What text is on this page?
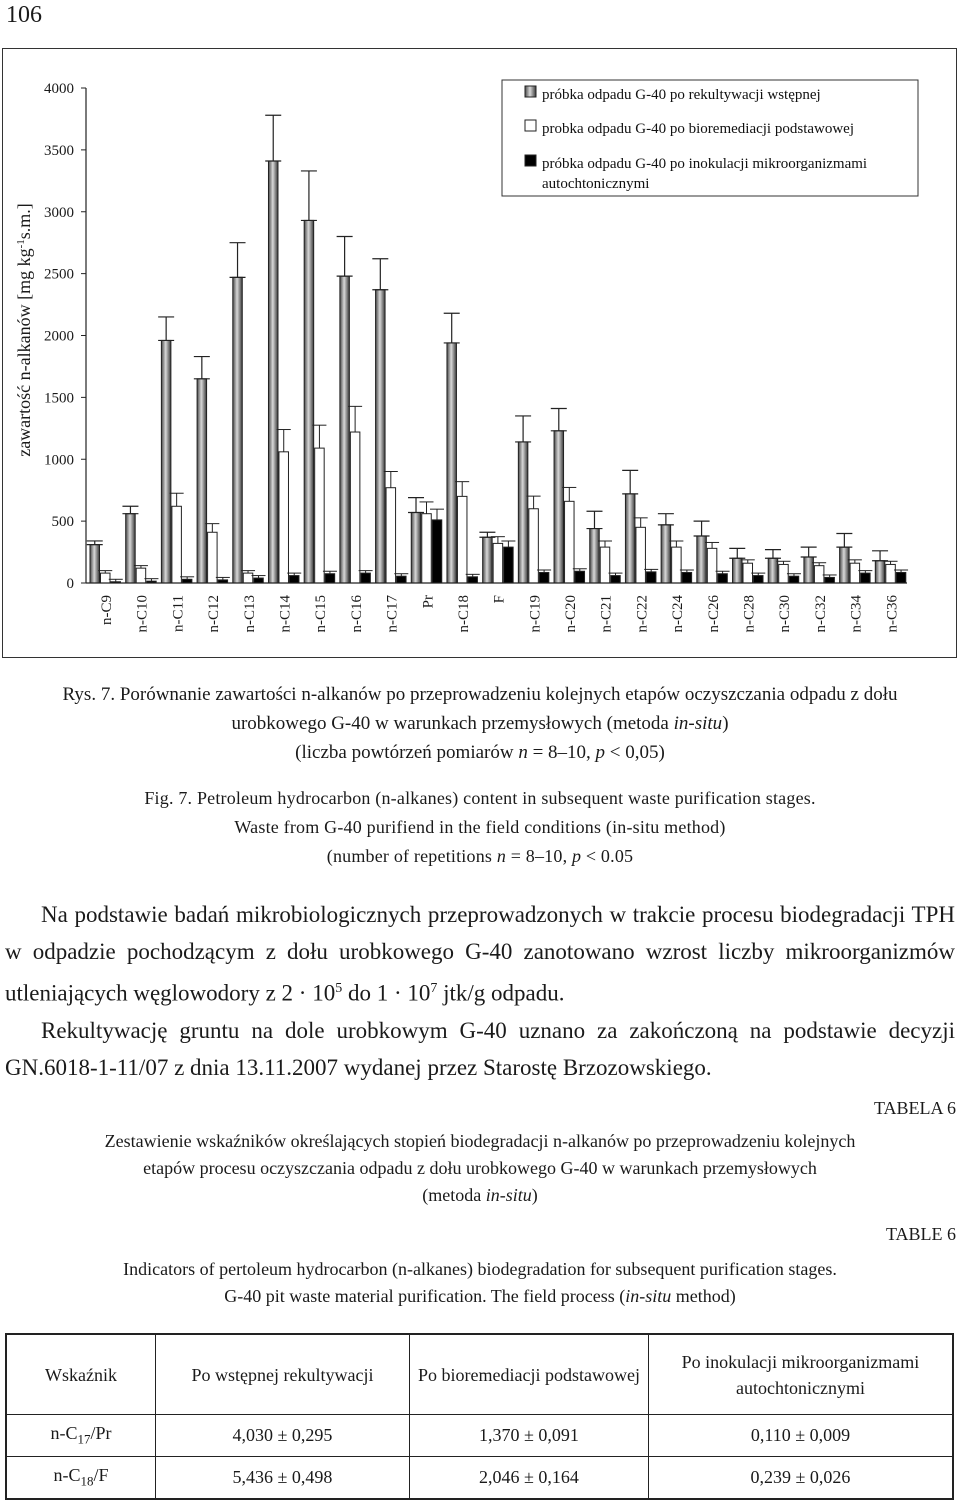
106
zawartość n-alkanów [mg $kg^{-1}s.m$.]
0
500
1000
1500
2000
2500
3000
3500
4000
n-C9 n-C10 n-C11 n-C12 n-C13 n-C14 n-C15 n-C16 n-C17 Pr n-C18 F n-C19 n-C20 n-C21 n-C22 n-C24 n-C26 n-C28 n-C30 n-C32 n-C34 n-C36
próbka odpadu G-40 po rekultywacji wstępnej
probka odpadu G-40 po bioremediacji podstawowej
próbka odpadu G-40 po inokulacji mikroorganizmami autochtonicznymi

Rys. 7. Porównanie zawartości n-alkanów po przeprowadzeniu kolejnych etapów oczyszczania odpadu z dołu

urobkowego G-40 w warunkach przemysłowych (metoda in-situ)

(liczba powtórzeń pomiarów n = 8–10, p < 0,05)

Fig. 7. Petroleum hydrocarbon (n-alkanes) content in subsequent waste purification stages.

Waste from G-40 purifiend in the field conditions (in-situ method)

(number of repetitions n = 8–10, p < 0.05

Na podstawie badań mikrobiologicznych przeprowadzonych w trakcie procesu biodegradacji TPH w odpadzie pochodzącym z dołu urobkowego G-40 zanotowano wzrost liczby mikroorganizmów utleniających węglowodory z $2 \cdot 10^5$ do $1 \cdot 10^7$ jtk/g odpadu.

Rekultywację gruntu na dole urobkowym G-40 uznano za zakończoną na podstawie decyzji GN.6018-1-11/07 z dnia 13.11.2007 wydanej przez Starostę Brzozowskiego.

TABELA 6

Zestawienie wskaźników określających stopień biodegradacji n-alkanów po przeprowadzeniu kolejnych

etapów procesu oczyszczania odpadu z dołu urobkowego G-40 w warunkach przemysłowych

(metoda in-situ)

TABLE 6

Indicators of pertoleum hydrocarbon (n-alkanes) biodegradation for subsequent purification stages.

G-40 pit waste material purification. The field process (in-situ method)

Wskaźnik	Po wstępnej rekultywacji	Po bioremediacji podstawowej	Po inokulacji mikroorganizmami autochtonicznymi
$n-C_{17}/Pr$	4,030 ± 0,295	1,370 ± 0,091	0,110 ± 0,009
$n-C_{18}/F$	5,436 ± 0,498	2,046 ± 0,164	0,239 ± 0,026
